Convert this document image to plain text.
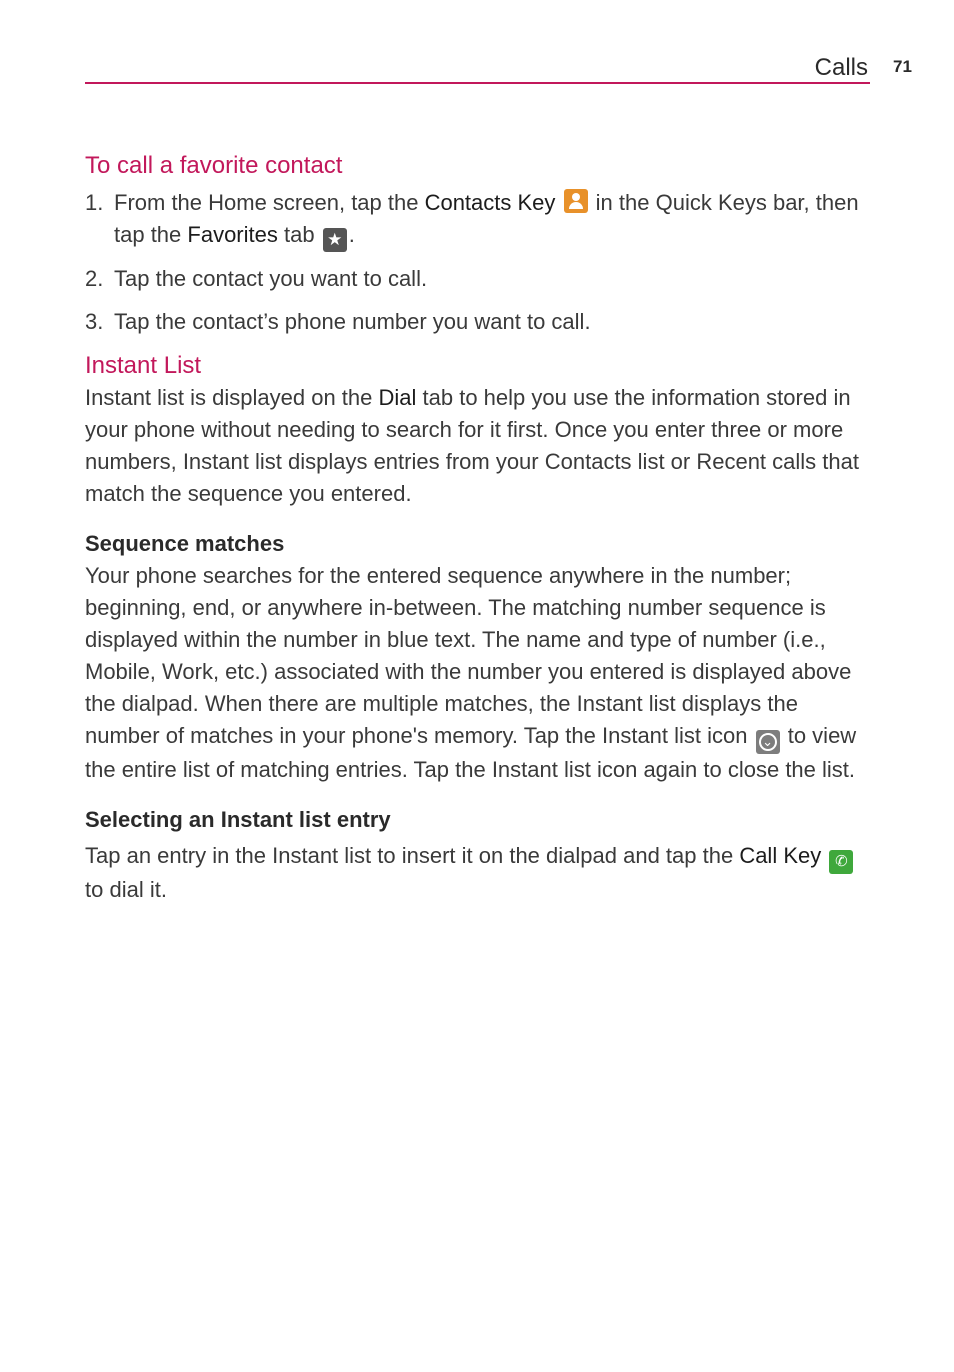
Calls 71
To call a favorite contact
1. From the Home screen, tap the Contacts Key  in the Quick Keys bar, then tap the Favorites tab ★ .
2. Tap the contact you want to call.
3. Tap the contact’s phone number you want to call.
Instant List

Instant list is displayed on the Dial tab to help you use the information stored in your phone without needing to search for it first. Once you enter three or more numbers, Instant list displays entries from your Contacts list or Recent calls that match the sequence you entered.

Sequence matches

Your phone searches for the entered sequence anywhere in the number; beginning, end, or anywhere in-between. The matching number sequence is displayed within the number in blue text. The name and type of number (i.e., Mobile, Work, etc.) associated with the number you entered is displayed above the dialpad. When there are multiple matches, the Instant list displays the number of matches in your phone's memory. Tap the Instant list icon ⌄ to view the entire list of matching entries. Tap the Instant list icon again to close the list.

Selecting an Instant list entry

Tap an entry in the Instant list to insert it on the dialpad and tap the Call Key ✆ to dial it.
